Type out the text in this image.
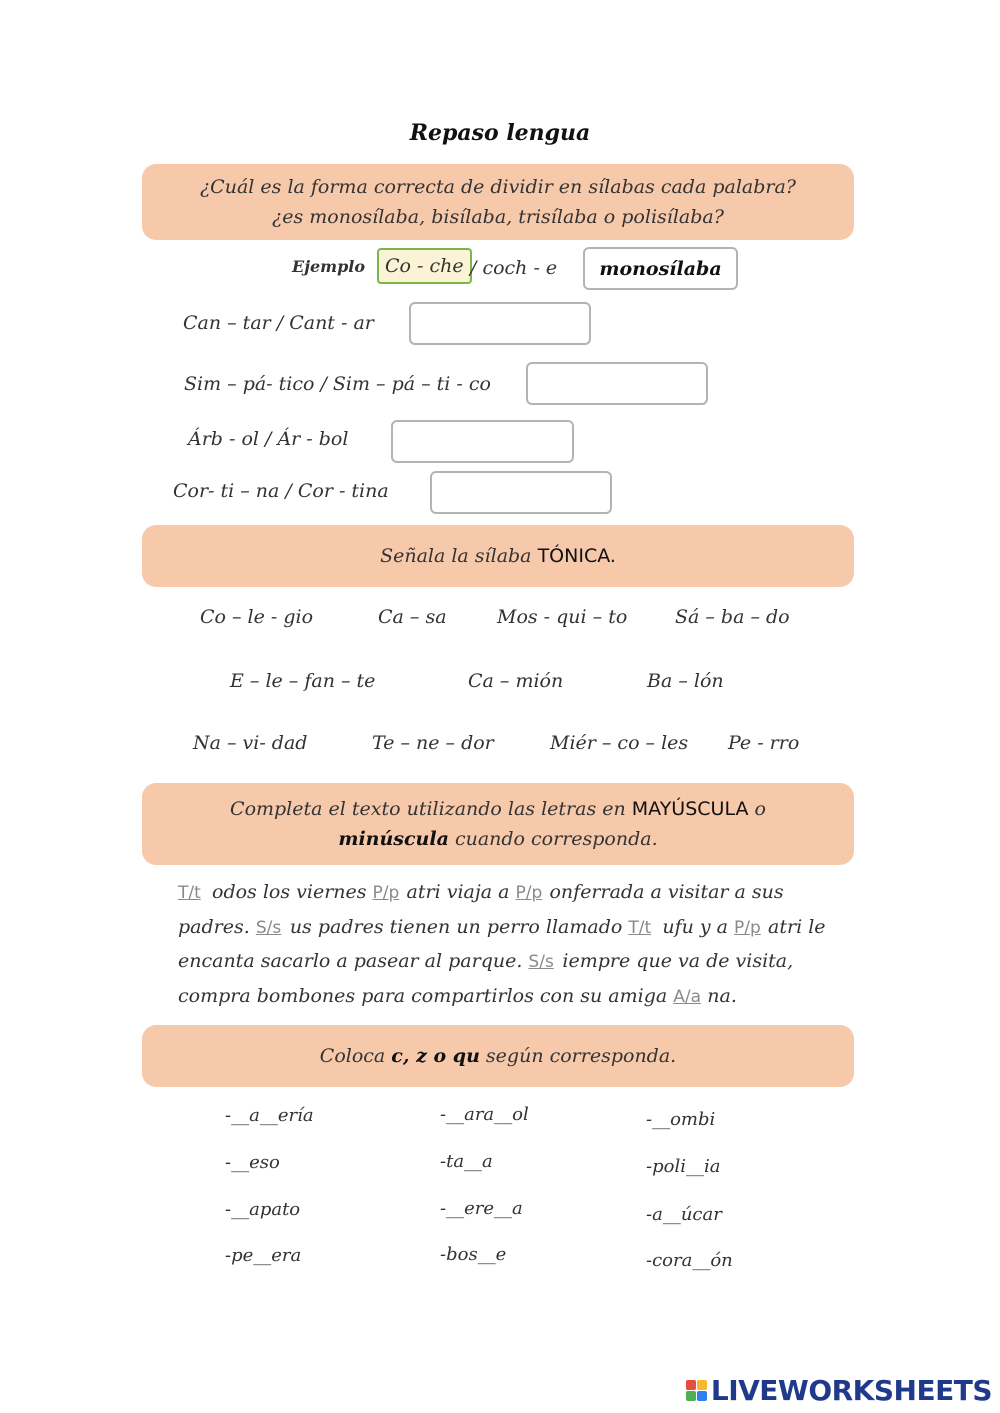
Repaso lengua
¿Cuál es la forma correcta de dividir en sílabas cada palabra? ¿es monosílaba, bisílaba, trisílaba o polisílaba?
Ejemplo	Co - che / coch - e monosílaba
Can – tar / Cant - ar
Sim – pá- tico / Sim – pá – ti - co
Árb - ol / Ár - bol
Cor- ti – na / Cor - tina
Señala la sílaba TÓNICA.
Co – le - gio	Ca – sa	Mos - qui – to	Sá – ba – do
E – le – fan – te	Ca – mión	Ba – lón
Na – vi- dad	Te – ne – dor	Miér – co – les Pe - rro
Completa el texto utilizando las letras en MAYÚSCULA o minúscula cuando corresponda.
T/t odos los viernes P/p atri viaja a P/p onferrada a visitar a sus padres. S/s us padres tienen un perro llamado T/t ufu y a P/p atri le encanta sacarlo a pasear al parque. S/s iempre que va de visita, compra bombones para compartirlos con su amiga A/a na.
Coloca c, z o qu según corresponda.
-__a__ería
-__eso
-__apato
-pe__era
-__ara__ol
-ta__a
-__ere__a
-bos__e
-__ombi
-poli__ia
-a__úcar
-cora__ón
LIVEWORKSHEETS
